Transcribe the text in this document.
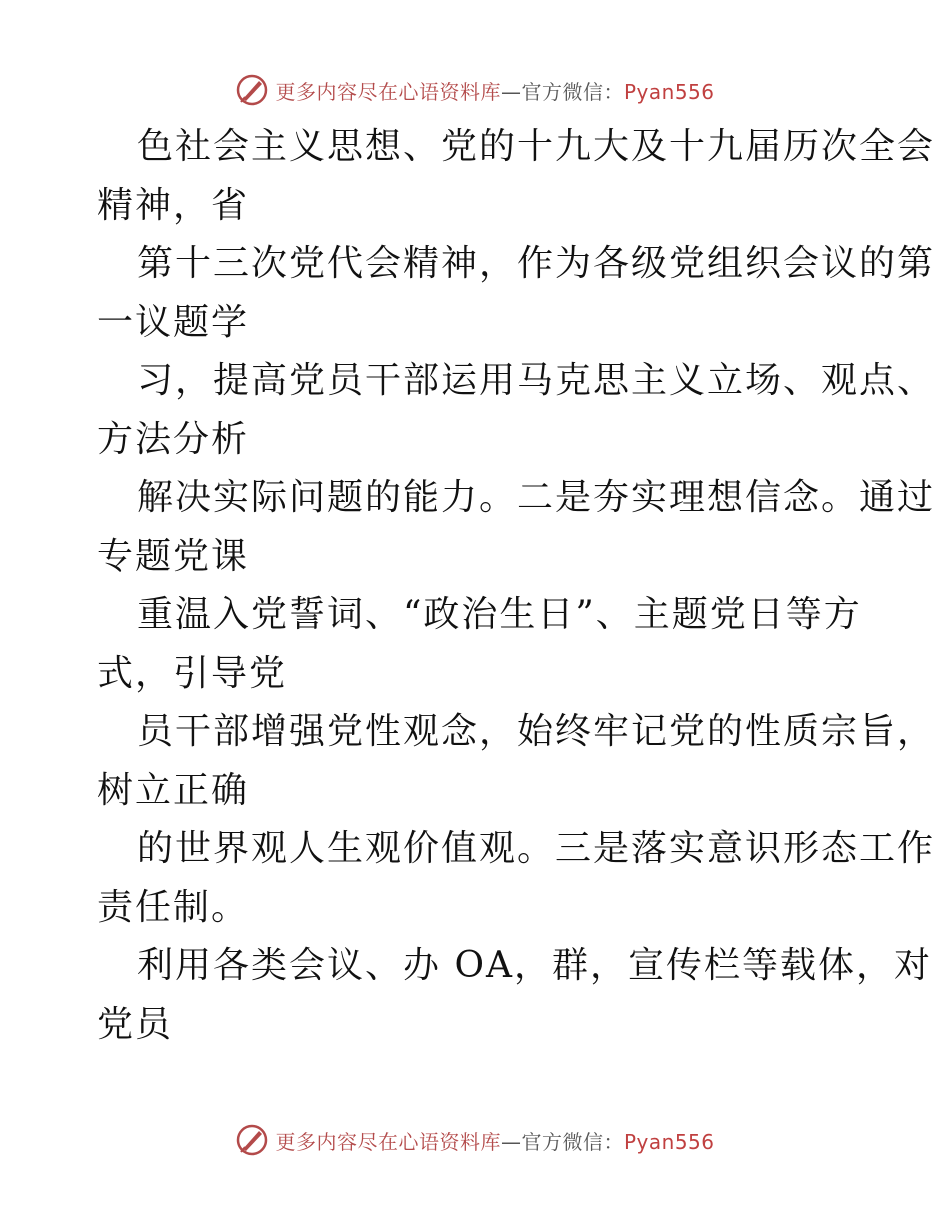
更多内容尽在心语资料库—官方微信：Pyan556
色社会主义思想、党的十九大及十九届历次全会
精神，省
第十三次党代会精神，作为各级党组织会议的第
一议题学
习，提高党员干部运用马克思主义立场、观点、
方法分析
解决实际问题的能力。二是夯实理想信念。通过
专题党课
重温入党誓词、“政治生日”、主题党日等方
式，引导党
员干部增强党性观念，始终牢记党的性质宗旨，
树立正确
的世界观人生观价值观。三是落实意识形态工作
责任制。
利用各类会议、办 OA，群，宣传栏等载体，对
党员
更多内容尽在心语资料库—官方微信：Pyan556
